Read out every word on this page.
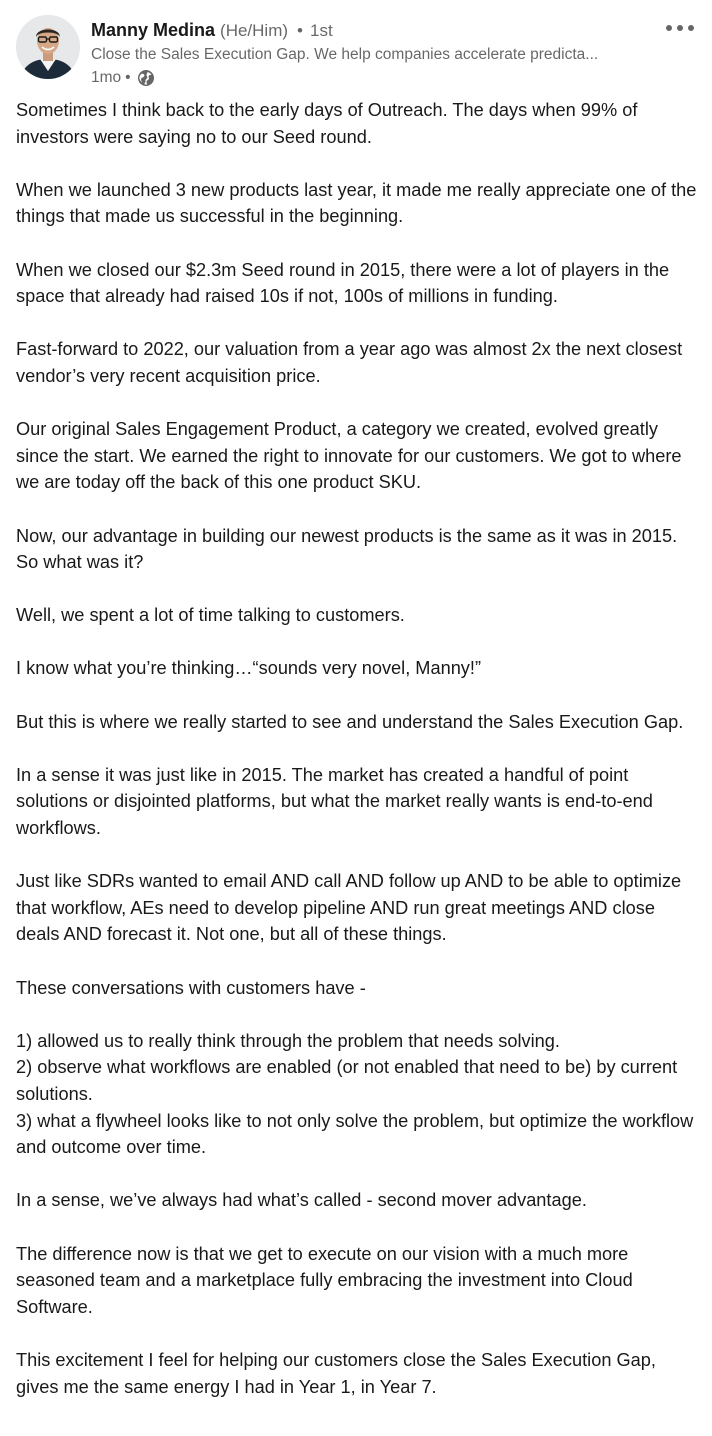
Manny Medina (He/Him) • 1st
Close the Sales Execution Gap. We help companies accelerate predicta...
1mo •

Sometimes I think back to the early days of Outreach. The days when 99% of investors were saying no to our Seed round.

When we launched 3 new products last year, it made me really appreciate one of the things that made us successful in the beginning.

When we closed our $2.3m Seed round in 2015, there were a lot of players in the space that already had raised 10s if not, 100s of millions in funding.

Fast-forward to 2022, our valuation from a year ago was almost 2x the next closest vendor’s very recent acquisition price.

Our original Sales Engagement Product, a category we created, evolved greatly since the start. We earned the right to innovate for our customers. We got to where we are today off the back of this one product SKU.

Now, our advantage in building our newest products is the same as it was in 2015. So what was it?

Well, we spent a lot of time talking to customers.

I know what you’re thinking…“sounds very novel, Manny!”

But this is where we really started to see and understand the Sales Execution Gap.

In a sense it was just like in 2015. The market has created a handful of point solutions or disjointed platforms, but what the market really wants is end-to-end workflows.

Just like SDRs wanted to email AND call AND follow up AND to be able to optimize that workflow, AEs need to develop pipeline AND run great meetings AND close deals AND forecast it. Not one, but all of these things.

These conversations with customers have -

1) allowed us to really think through the problem that needs solving.
2) observe what workflows are enabled (or not enabled that need to be) by current solutions.
3) what a flywheel looks like to not only solve the problem, but optimize the workflow and outcome over time.

In a sense, we’ve always had what’s called - second mover advantage.

The difference now is that we get to execute on our vision with a much more seasoned team and a marketplace fully embracing the investment into Cloud Software.

This excitement I feel for helping our customers close the Sales Execution Gap, gives me the same energy I had in Year 1, in Year 7.
